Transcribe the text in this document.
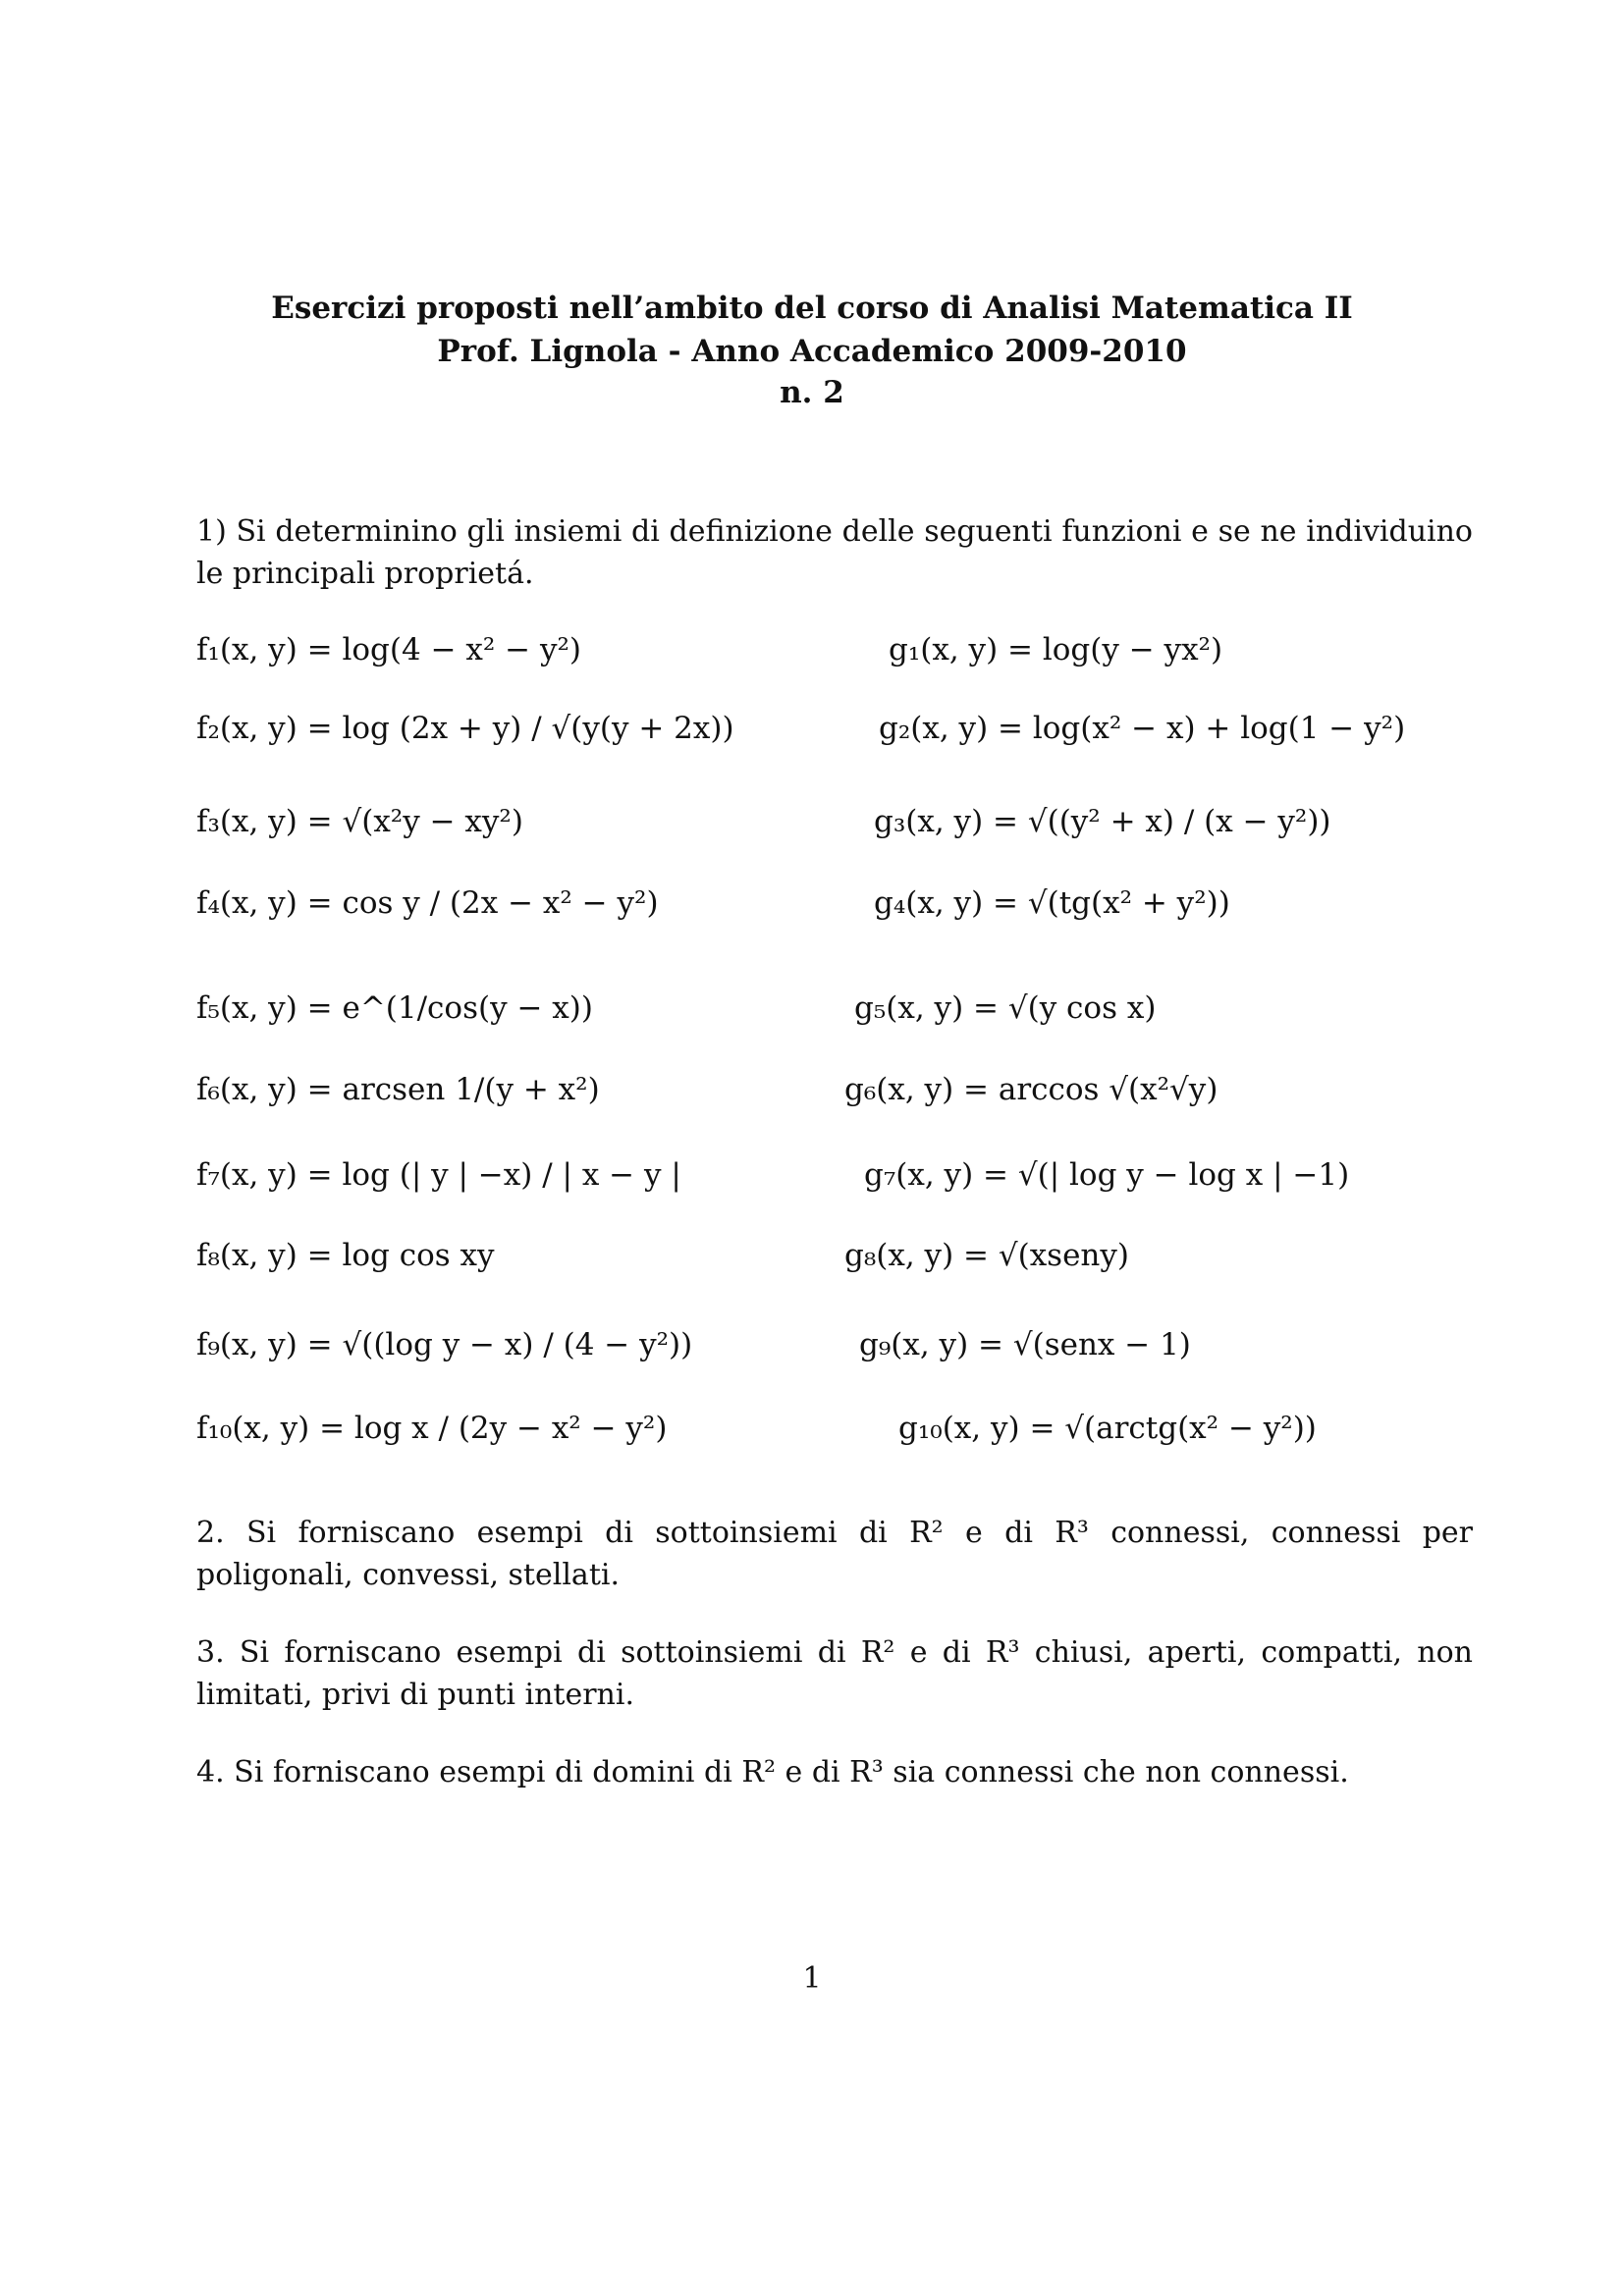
Esercizi proposti nell’ambito del corso di Analisi Matematica II
Prof. Lignola - Anno Accademico 2009-2010
n. 2
1) Si determinino gli insiemi di definizione delle seguenti funzioni e se ne individuino le principali proprietá.
f₁(x, y) = log(4 − x² − y²)
f₂(x, y) = log (2x + y) / √(y(y + 2x))
f₃(x, y) = √(x²y − xy²)
f₄(x, y) = cos y / (2x − x² − y²)
f₅(x, y) = e^(1/cos(y − x))
f₆(x, y) = arcsen 1/(y + x²)
f₇(x, y) = log (| y | −x) / | x − y |
f₈(x, y) = log cos xy
f₉(x, y) = √((log y − x) / (4 − y²))
f₁₀(x, y) = log x / (2y − x² − y²)
g₁(x, y) = log(y − yx²)
g₂(x, y) = log(x² − x) + log(1 − y²)
g₃(x, y) = √((y² + x) / (x − y²))
g₄(x, y) = √(tg(x² + y²))
g₅(x, y) = √(y cos x)
g₆(x, y) = arccos √(x²√y)
g₇(x, y) = √(| log y − log x | −1)
g₈(x, y) = √(xseny)
g₉(x, y) = √(senx − 1)
g₁₀(x, y) = √(arctg(x² − y²))
2. Si forniscano esempi di sottoinsiemi di R² e di R³ connessi, connessi per poligonali, convessi, stellati.
3. Si forniscano esempi di sottoinsiemi di R² e di R³ chiusi, aperti, compatti, non limitati, privi di punti interni.
4. Si forniscano esempi di domini di R² e di R³ sia connessi che non connessi.
1
